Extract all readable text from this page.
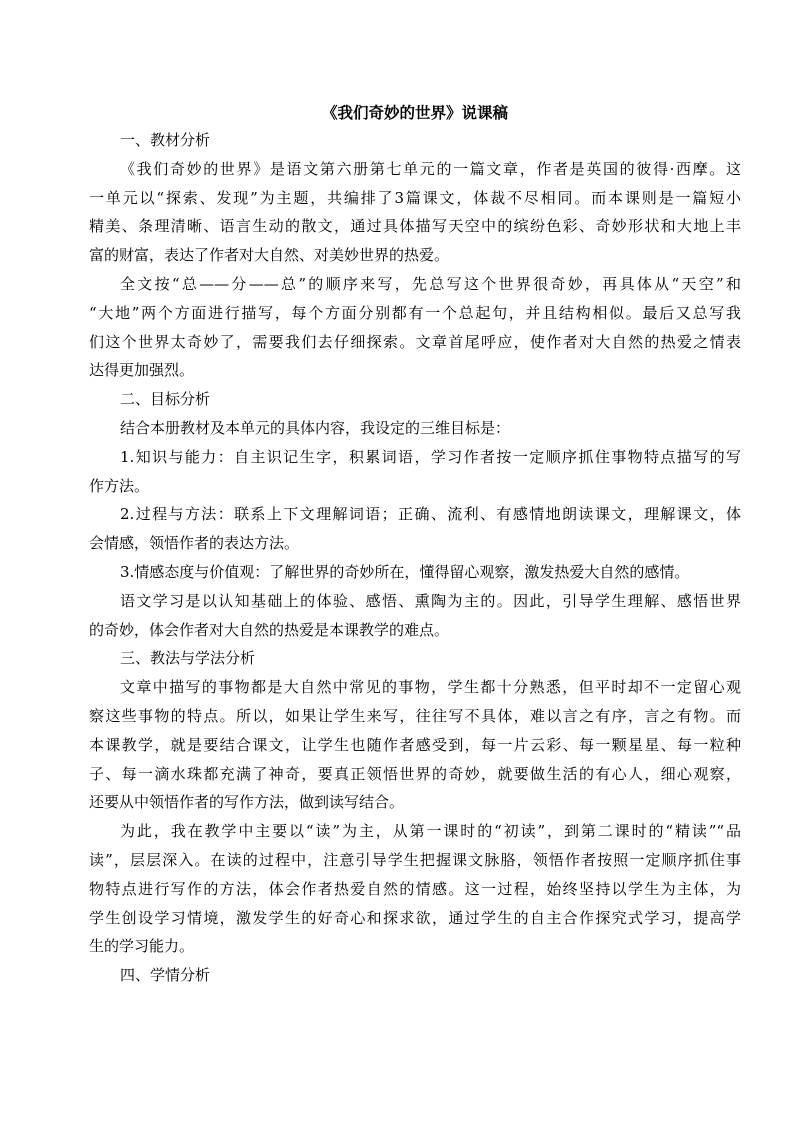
《我们奇妙的世界》说课稿
一、教材分析
《我们奇妙的世界》是语文第六册第七单元的一篇文章，作者是英国的彼得·西摩。这
一单元以“探索、发现”为主题，共编排了3篇课文，体裁不尽相同。而本课则是一篇短小
精美、条理清晰、语言生动的散文，通过具体描写天空中的缤纷色彩、奇妙形状和大地上丰
富的财富，表达了作者对大自然、对美妙世界的热爱。
全文按“总——分——总”的顺序来写，先总写这个世界很奇妙，再具体从“天空”和
“大地”两个方面进行描写，每个方面分别都有一个总起句，并且结构相似。最后又总写我
们这个世界太奇妙了，需要我们去仔细探索。文章首尾呼应，使作者对大自然的热爱之情表
达得更加强烈。
二、目标分析
结合本册教材及本单元的具体内容，我设定的三维目标是：
1.知识与能力：自主识记生字，积累词语，学习作者按一定顺序抓住事物特点描写的写
作方法。
2.过程与方法：联系上下文理解词语；正确、流利、有感情地朗读课文，理解课文，体
会情感，领悟作者的表达方法。
3.情感态度与价值观：了解世界的奇妙所在，懂得留心观察，激发热爱大自然的感情。
语文学习是以认知基础上的体验、感悟、熏陶为主的。因此，引导学生理解、感悟世界
的奇妙，体会作者对大自然的热爱是本课教学的难点。
三、教法与学法分析
文章中描写的事物都是大自然中常见的事物，学生都十分熟悉，但平时却不一定留心观
察这些事物的特点。所以，如果让学生来写，往往写不具体，难以言之有序，言之有物。而
本课教学，就是要结合课文，让学生也随作者感受到，每一片云彩、每一颗星星、每一粒种
子、每一滴水珠都充满了神奇，要真正领悟世界的奇妙，就要做生活的有心人，细心观察，
还要从中领悟作者的写作方法，做到读写结合。
为此，我在教学中主要以“读”为主，从第一课时的“初读”，到第二课时的“精读”“品
读”，层层深入。在读的过程中，注意引导学生把握课文脉胳，领悟作者按照一定顺序抓住事
物特点进行写作的方法，体会作者热爱自然的情感。这一过程，始终坚持以学生为主体，为
学生创设学习情境，激发学生的好奇心和探求欲，通过学生的自主合作探究式学习，提高学
生的学习能力。
四、学情分析
